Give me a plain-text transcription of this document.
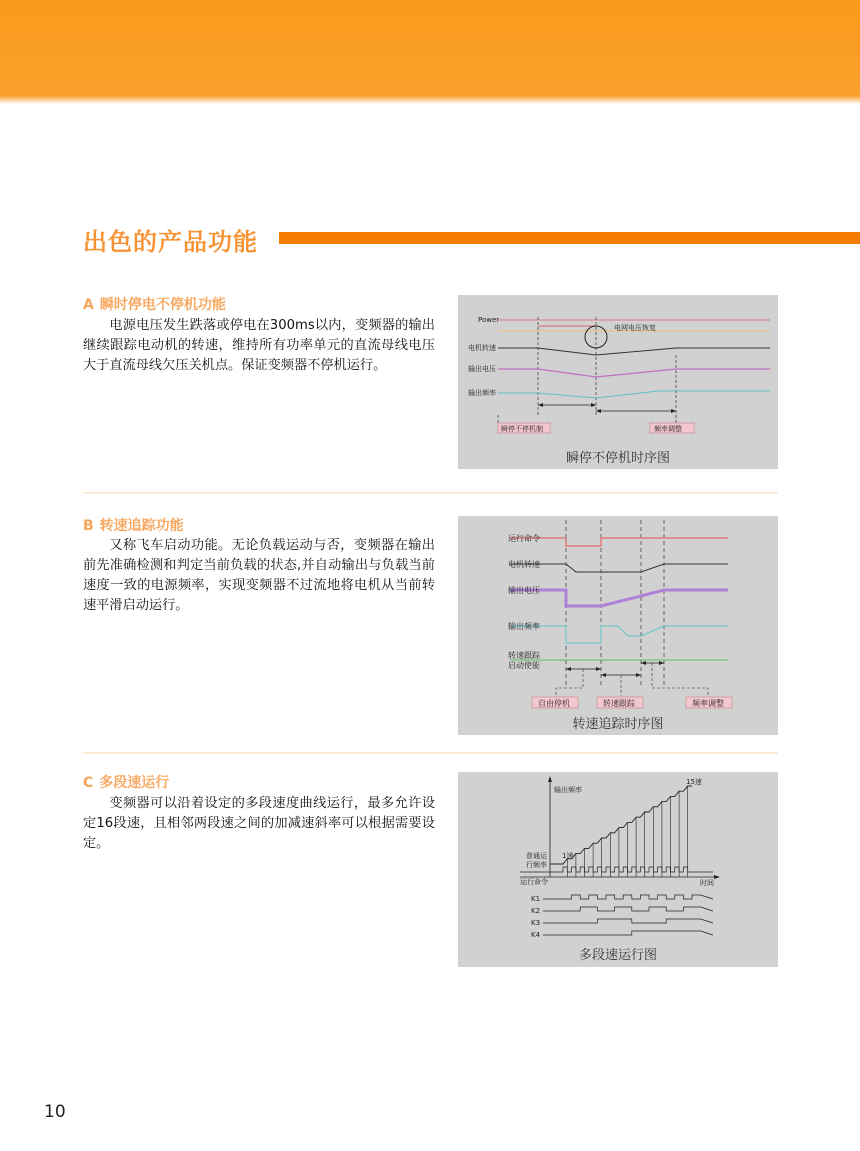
出色的产品功能
A 瞬时停电不停机功能
电源电压发生跌落或停电在300ms以内，变频器的输出继续跟踪电动机的转速，维持所有功率单元的直流母线电压大于直流母线欠压关机点。保证变频器不停机运行。
Power
电机转速
输出电压
输出频率
电网电压恢复
瞬停不停机制	频率调整
瞬停不停机时序图
B 转速追踪功能
又称飞车启动功能。无论负载运动与否，变频器在输出前先准确检测和判定当前负载的状态,并自动输出与负载当前速度一致的电源频率，实现变频器不过流地将电机从当前转速平滑启动运行。
运行命令
电机转速
输出电压
输出频率
转速跟踪
启动使能
自由停机	转速跟踪	频率调整
转速追踪时序图
C 多段速运行
变频器可以沿着设定的多段速度曲线运行，最多允许设定16段速，且相邻两段速之间的加减速斜率可以根据需要设定。
输出频率
时间
普通运
行频率
运行命令
1速
15速
K1
K2
K3
K4
多段速运行图
10
